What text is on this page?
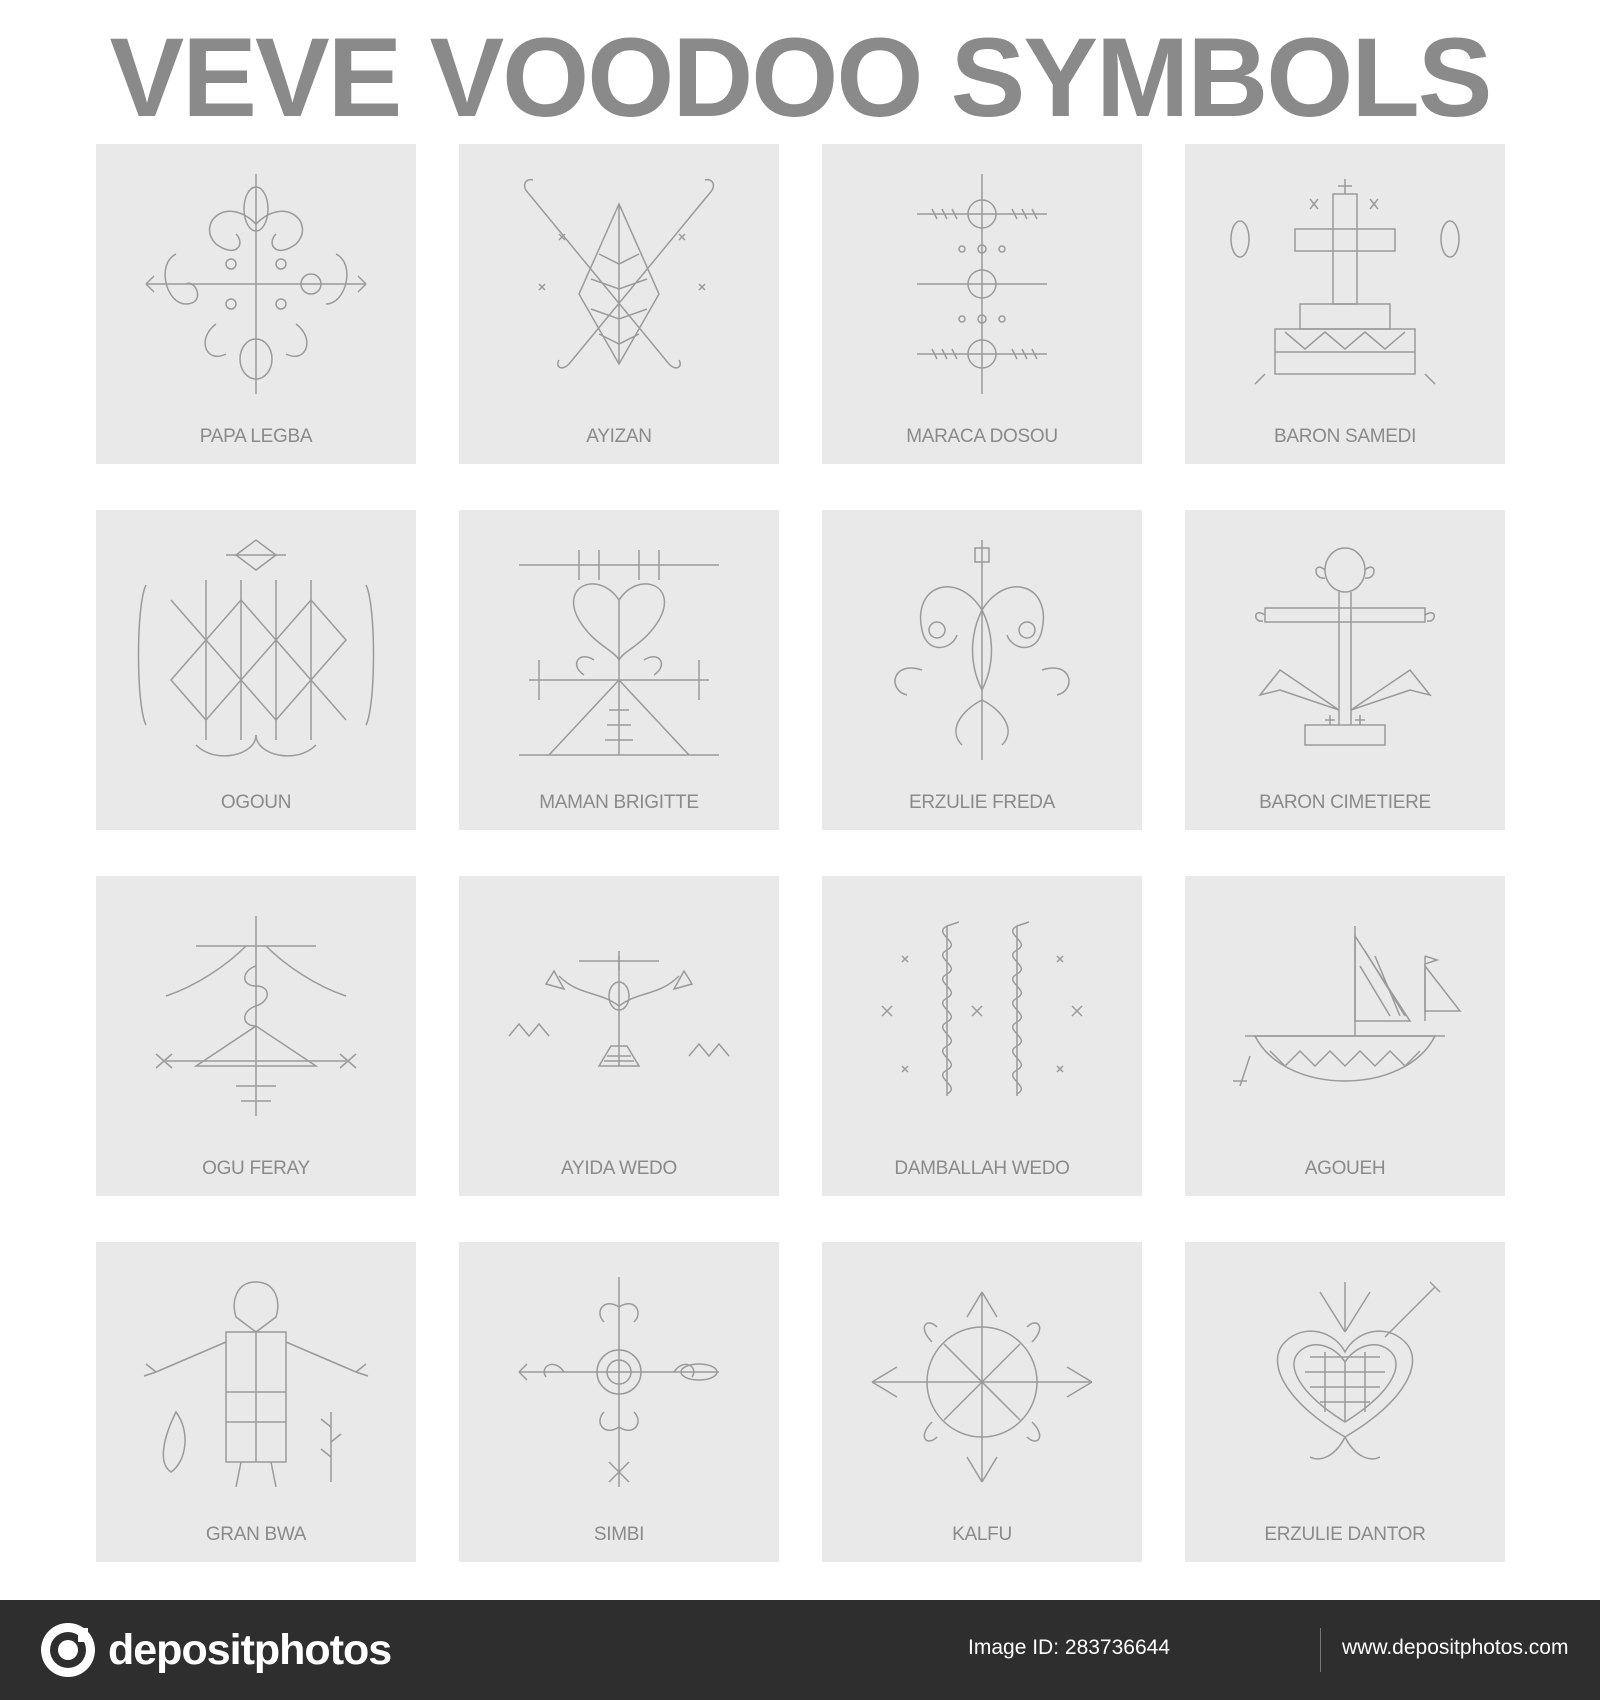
VEVE VOODOO SYMBOLS
PAPA LEGBA	AYIZAN	MARACA DOSOU	BARON SAMEDI
OGOUN	MAMAN BRIGITTE	ERZULIE FREDA	BARON CIMETIERE
OGU FERAY	AYIDA WEDO	DAMBALLAH WEDO	AGOUEH
GRAN BWA	SIMBI	KALFU	ERZULIE DANTOR
depositphotos	Image ID: 283736644	www.depositphotos.com
